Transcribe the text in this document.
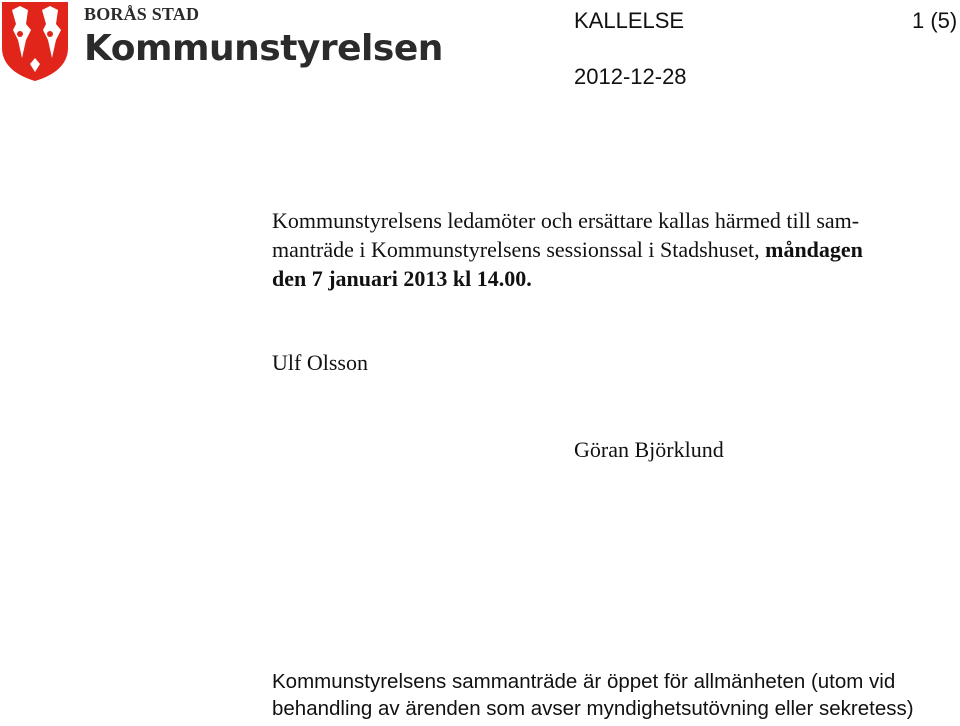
BORÅS STAD
Kommunstyrelsen
KALLELSE	1 (5)
2012-12-28
Kommunstyrelsens ledamöter och ersättare kallas härmed till sam-
manträde i Kommunstyrelsens sessionssal i Stadshuset, måndagen
den 7 januari 2013 kl 14.00.
Ulf Olsson
Göran Björklund
Kommunstyrelsens sammanträde är öppet för allmänheten (utom vid
behandling av ärenden som avser myndighetsutövning eller sekretess)
